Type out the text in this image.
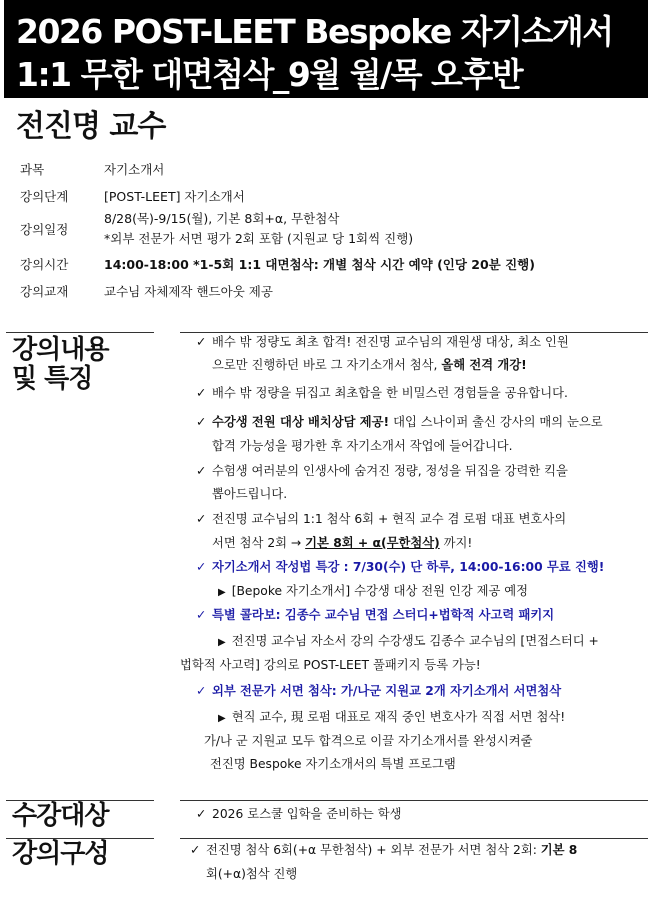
2026 POST-LEET Bespoke 자기소개서
1:1 무한 대면첨삭_9월 월/목 오후반
전진명 교수
과목	자기소개서
강의단계	[POST-LEET] 자기소개서
강의일정
8/28(목)-9/15(월), 기본 8회+α, 무한첨삭
*외부 전문가 서면 평가 2회 포함 (지원교 당 1회씩 진행)
강의시간	14:00-18:00 *1-5회 1:1 대면첨삭: 개별 첨삭 시간 예약 (인당 20분 진행)
강의교재	교수님 자체제작 핸드아웃 제공
강의내용
및 특징
✓ 배수 밖 정량도 최초 합격! 전진명 교수님의 재원생 대상, 최소 인원
으로만 진행하던 바로 그 자기소개서 첨삭, 올해 전격 개강!
✓ 배수 밖 정량을 뒤집고 최초합을 한 비밀스런 경험들을 공유합니다.
✓ 수강생 전원 대상 배치상담 제공! 대입 스나이퍼 출신 강사의 매의 눈으로
합격 가능성을 평가한 후 자기소개서 작업에 들어갑니다.
✓ 수험생 여러분의 인생사에 숨겨진 정량, 정성을 뒤집을 강력한 킥을
뽑아드립니다.
✓ 전진명 교수님의 1:1 첨삭 6회 + 현직 교수 겸 로펌 대표 변호사의
서면 첨삭 2회 → 기본 8회 + α(무한첨삭) 까지!
✓ 자기소개서 작성법 특강 : 7/30(수) 단 하루, 14:00-16:00 무료 진행!
▶ [Bepoke 자기소개서] 수강생 대상 전원 인강 제공 예정
✓ 특별 콜라보: 김종수 교수님 면접 스터디+법학적 사고력 패키지
▶ 전진명 교수님 자소서 강의 수강생도 김종수 교수님의 [면접스터디 +
법학적 사고력] 강의로 POST-LEET 풀패키지 등록 가능!
✓ 외부 전문가 서면 첨삭: 가/나군 지원교 2개 자기소개서 서면첨삭
▶ 현직 교수, 現 로펌 대표로 재직 중인 변호사가 직접 서면 첨삭!
가/나 군 지원교 모두 합격으로 이끌 자기소개서를 완성시켜줄
전진명 Bespoke 자기소개서의 특별 프로그램
수강대상	✓ 2026 로스쿨 입학을 준비하는 학생
강의구성	✓ 전진명 첨삭 6회(+α 무한첨삭) + 외부 전문가 서면 첨삭 2회: 기본 8
회(+α)첨삭 진행
